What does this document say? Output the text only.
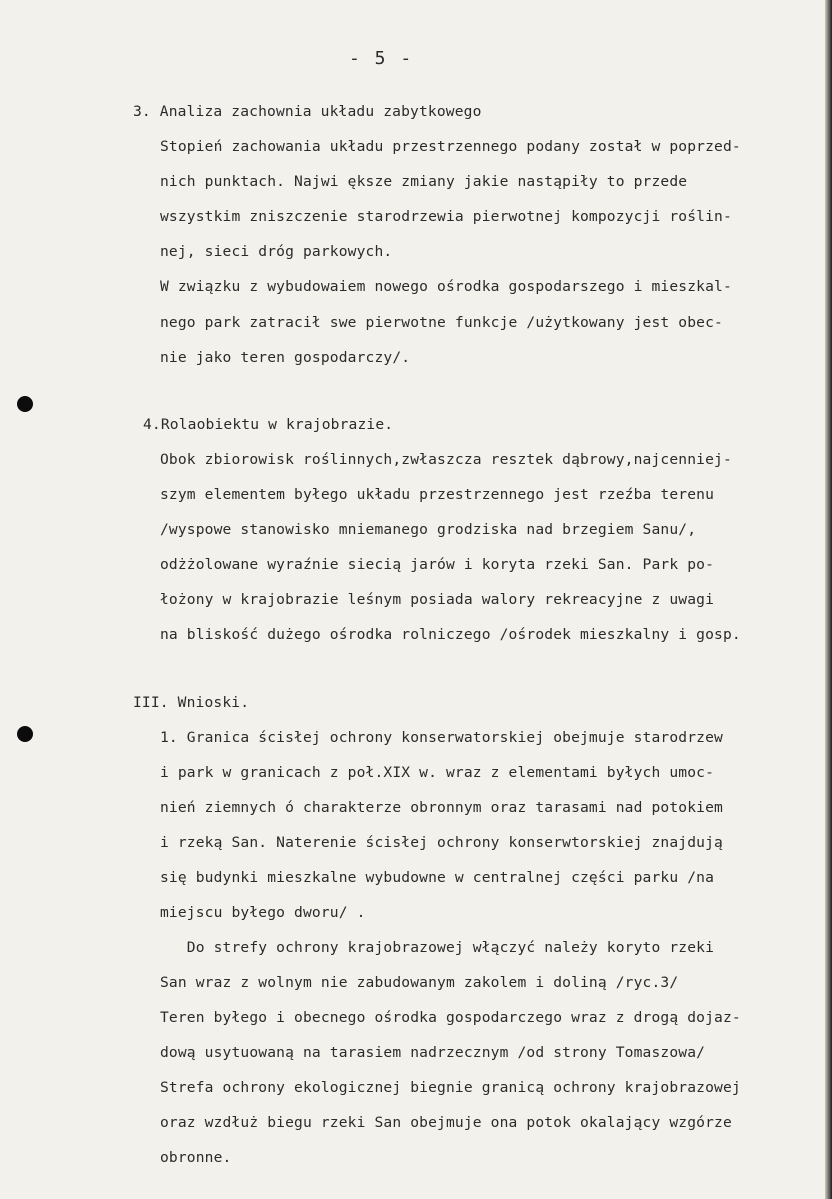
- 5 -
3. Analiza zachownia układu zabytkowego
Stopień zachowania układu przestrzennego podany został w poprzed-
nich punktach. Najwi ększe zmiany jakie nastąpiły to przede
wszystkim zniszczenie starodrzewia pierwotnej kompozycji roślin-
nej, sieci dróg parkowych.
W związku z wybudowaiem nowego ośrodka gospodarszego i mieszkal-
nego park zatracił swe pierwotne funkcje /użytkowany jest obec-
nie jako teren gospodarczy/.
4.Rolaobiektu w krajobrazie.
Obok zbiorowisk roślinnych,zwłaszcza resztek dąbrowy,najcenniej-
szym elementem byłego układu przestrzennego jest rzeźba terenu
/wyspowe stanowisko mniemanego grodziska nad brzegiem Sanu/,
odżżolowane wyraźnie siecią jarów i koryta rzeki San. Park po-
łożony w krajobrazie leśnym posiada walory rekreacyjne z uwagi
na bliskość dużego ośrodka rolniczego /ośrodek mieszkalny i gosp.
III. Wnioski.
1. Granica ścisłej ochrony konserwatorskiej obejmuje starodrzew
i park w granicach z poł.XIX w. wraz z elementami byłych umoc-
nień ziemnych ó charakterze obronnym oraz tarasami nad potokiem
i rzeką San. Naterenie ścisłej ochrony konserwtorskiej znajdują
się budynki mieszkalne wybudowne w centralnej części parku /na
miejscu byłego dworu/ .
Do strefy ochrony krajobrazowej włączyć należy koryto rzeki
San wraz z wolnym nie zabudowanym zakolem i doliną /ryc.3/
Teren byłego i obecnego ośrodka gospodarczego wraz z drogą dojaz-
dową usytuowaną na tarasiem nadrzecznym /od strony Tomaszowa/
Strefa ochrony ekologicznej biegnie granicą ochrony krajobrazowej
oraz wzdłuż biegu rzeki San obejmuje ona potok okalający wzgórze
obronne.
